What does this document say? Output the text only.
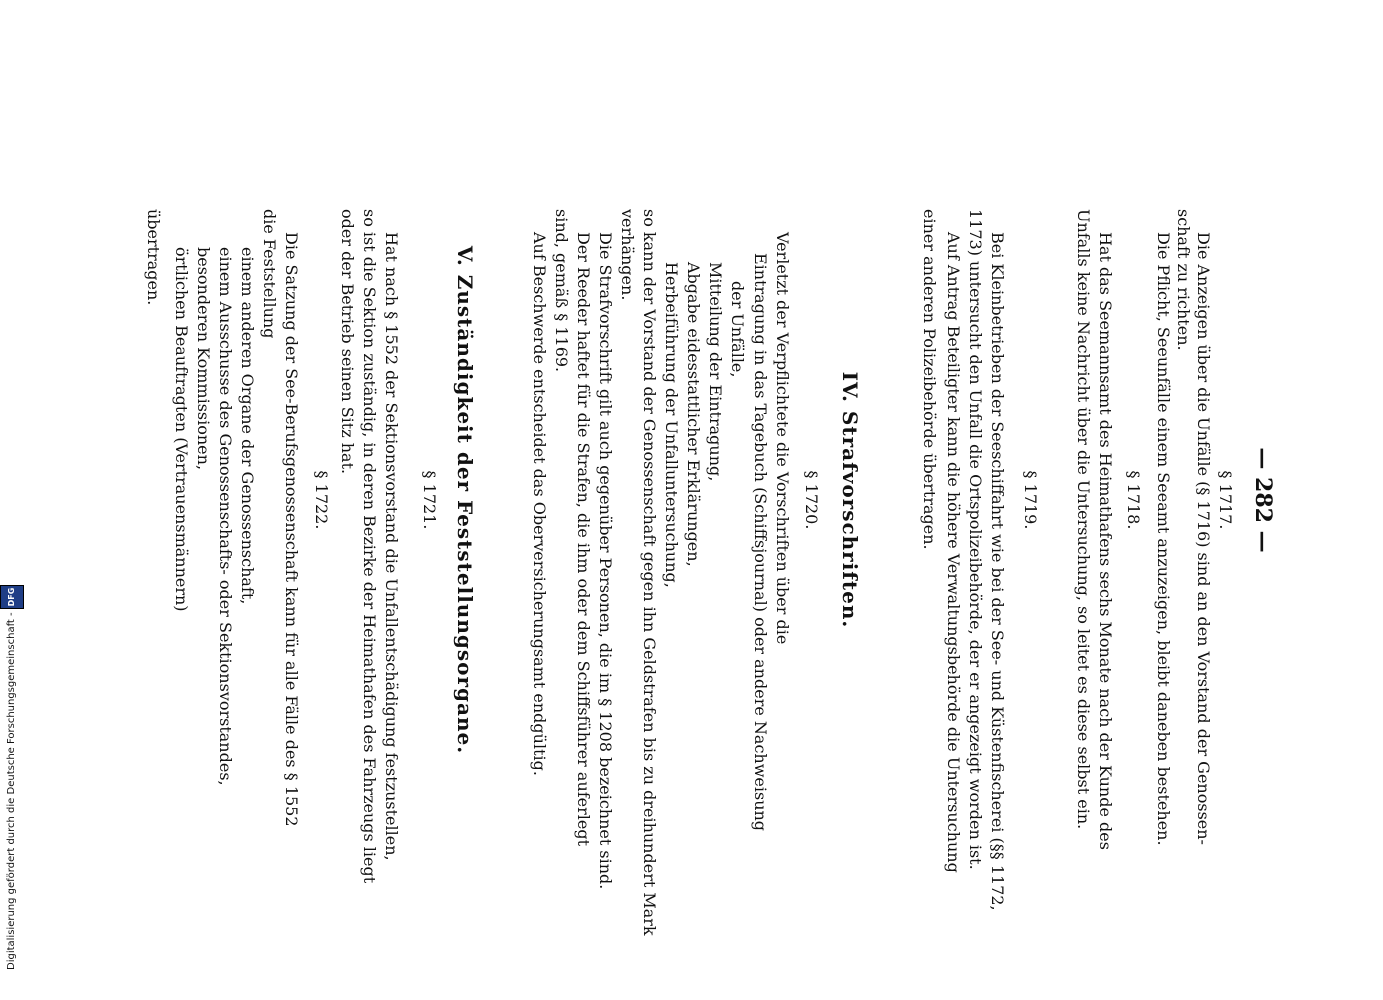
— 282 —
§ 1717.
Die Anzeigen über die Unfälle (§ 1716) sind an den Vorstand der Genossen-
schaft zu richten.
Die Pflicht, Seeunfälle einem Seeamt anzuzeigen, bleibt daneben bestehen.
§ 1718.
Hat das Seemannsamt des Heimathafens sechs Monate nach der Kunde des
Unfalls keine Nachricht über die Untersuchung, so leitet es diese selbst ein.
§ 1719.
Bei Kleinbetrieben der Seeschiffahrt wie bei der See- und Küstenfischerei (§§ 1172,
1173) untersucht den Unfall die Ortspolizeibehörde, der er angezeigt worden ist.
Auf Antrag Beteiligter kann die höhere Verwaltungsbehörde die Untersuchung
einer anderen Polizeibehörde übertragen.
IV. Strafvorschriften.
§ 1720.
Verletzt der Verpflichtete die Vorschriften über die
Eintragung in das Tagebuch (Schiffsjournal) oder andere Nachweisung
der Unfälle,
Mitteilung der Eintragung,
Abgabe eidesstattlicher Erklärungen,
Herbeiführung der Unfalluntersuchung,
so kann der Vorstand der Genossenschaft gegen ihn Geldstrafen bis zu dreihundert Mark
verhängen.
Die Strafvorschrift gilt auch gegenüber Personen, die im § 1208 bezeichnet sind.
Der Reeder haftet für die Strafen, die ihm oder dem Schiffsführer auferlegt
sind, gemäß § 1169.
Auf Beschwerde entscheidet das Oberversicherungsamt endgültig.
V. Zuständigkeit der Feststellungsorgane.
§ 1721.
Hat nach § 1552 der Sektionsvorstand die Unfallentschädigung festzustellen,
so ist die Sektion zuständig, in deren Bezirke der Heimathafen des Fahrzeugs liegt
oder der Betrieb seinen Sitz hat.
§ 1722.
Die Satzung der See-Berufsgenossenschaft kann für alle Fälle des § 1552
die Feststellung
einem anderen Organe der Genossenschaft,
einem Ausschusse des Genossenschafts- oder Sektionsvorstandes,
besonderen Kommissionen,
örtlichen Beauftragten (Vertrauensmännern)
übertragen.
Digitalisierung gefördert durch die Deutsche Forschungsgemeinschaft -DFG
